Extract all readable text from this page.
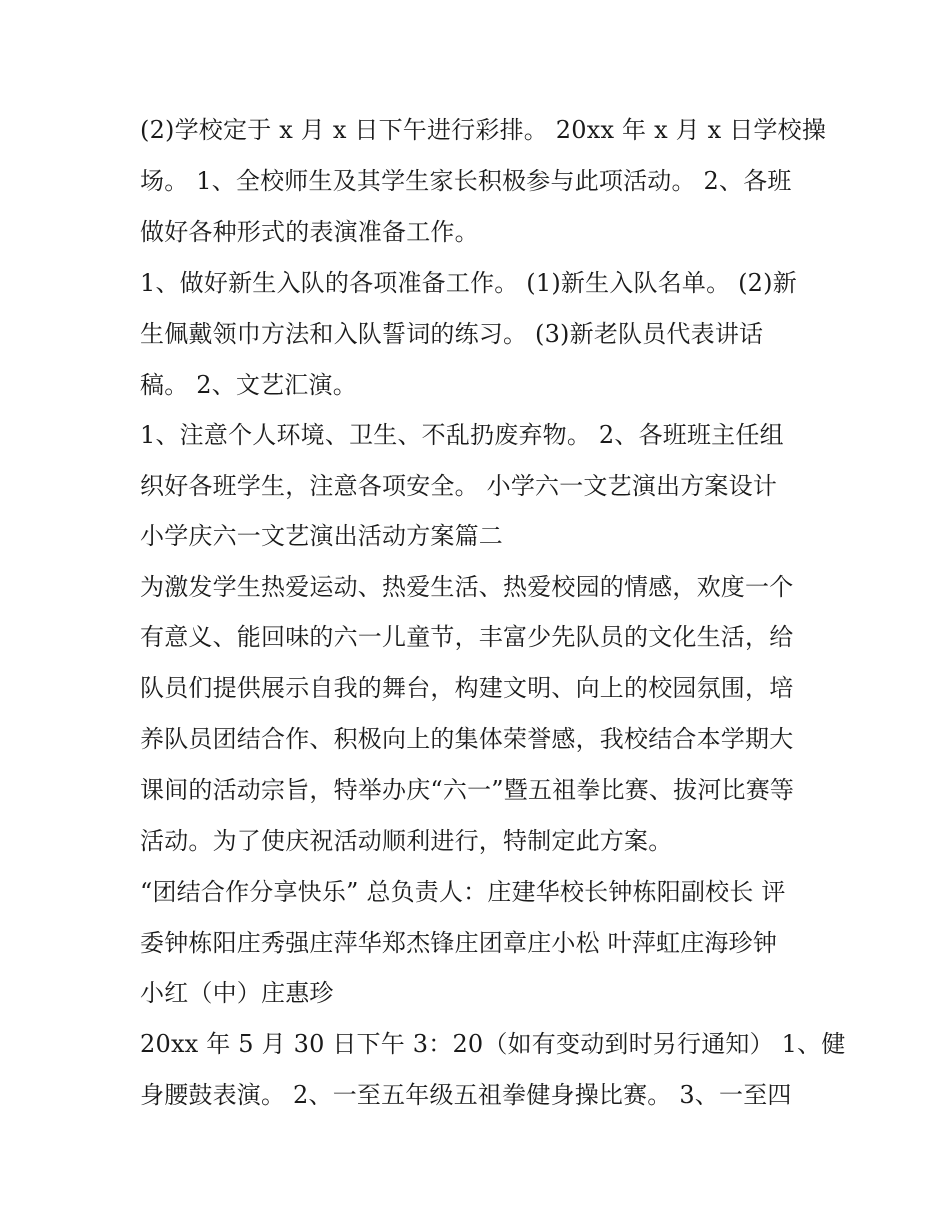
(2)学校定于 x 月 x 日下午进行彩排。 20xx 年 x 月 x 日学校操

场。 1、全校师生及其学生家长积极参与此项活动。 2、各班

做好各种形式的表演准备工作。

1、做好新生入队的各项准备工作。 (1)新生入队名单。 (2)新

生佩戴领巾方法和入队誓词的练习。 (3)新老队员代表讲话

稿。 2、文艺汇演。

1、注意个人环境、卫生、不乱扔废弃物。 2、各班班主任组

织好各班学生，注意各项安全。 小学六一文艺演出方案设计

小学庆六一文艺演出活动方案篇二

为激发学生热爱运动、热爱生活、热爱校园的情感，欢度一个

有意义、能回味的六一儿童节，丰富少先队员的文化生活，给

队员们提供展示自我的舞台，构建文明、向上的校园氛围，培

养队员团结合作、积极向上的集体荣誉感，我校结合本学期大

课间的活动宗旨，特举办庆“六一”暨五祖拳比赛、拔河比赛等

活动。为了使庆祝活动顺利进行，特制定此方案。

“团结合作分享快乐” 总负责人：庄建华校长钟栋阳副校长 评

委钟栋阳庄秀强庄萍华郑杰锋庄团章庄小松 叶萍虹庄海珍钟

小红（中）庄惠珍

20xx 年 5 月 30 日下午 3：20（如有变动到时另行通知） 1、健

身腰鼓表演。 2、一至五年级五祖拳健身操比赛。 3、一至四
